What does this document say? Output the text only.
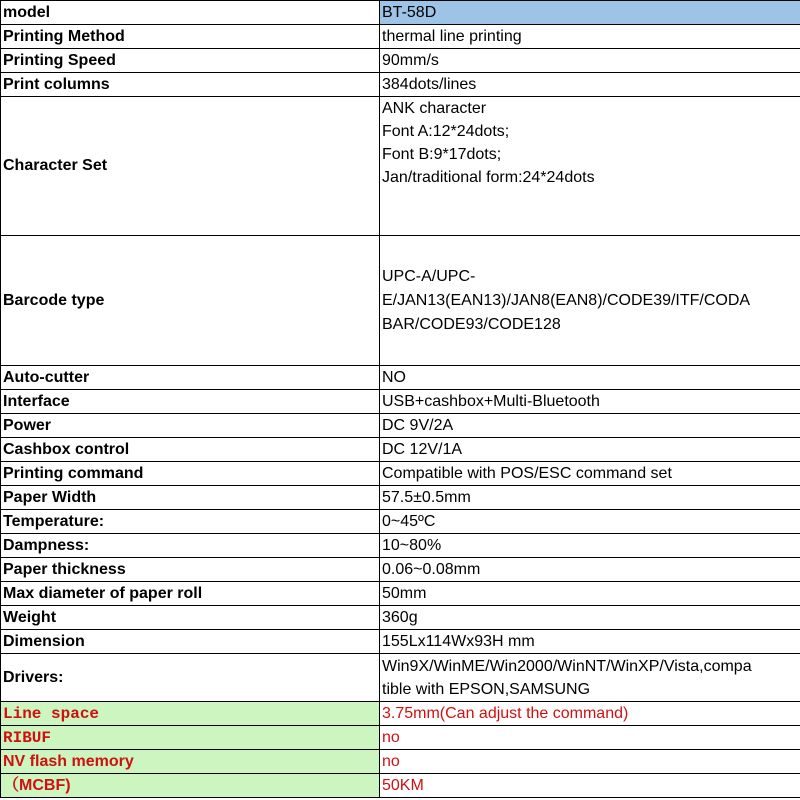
model	BT-58D
Printing Method	thermal line printing
Printing Speed	90mm/s
Print columns	384dots/lines
Character Set	ANK character
Font A:12*24dots;
Font B:9*17dots;
Jan/traditional form:24*24dots

Barcode type	UPC-A/UPC-
E/JAN13(EAN13)/JAN8(EAN8)/CODE39/ITF/CODA
BAR/CODE93/CODE128

Auto-cutter	NO
Interface	USB+cashbox+Multi-Bluetooth
Power	DC 9V/2A
Cashbox control	DC 12V/1A
Printing command	Compatible with POS/ESC command set
Paper Width	57.5±0.5mm
Temperature:	0~45ºC
Dampness:	10~80%
Paper thickness	0.06~0.08mm
Max diameter of paper roll	50mm
Weight	360g
Dimension	155Lx114Wx93H mm
Drivers:	Win9X/WinME/Win2000/WinNT/WinXP/Vista,compa
tible with EPSON,SAMSUNG

Line space	3.75mm(Can adjust the command)
RIBUF	no
NV flash memory	no
（MCBF)	50KM
